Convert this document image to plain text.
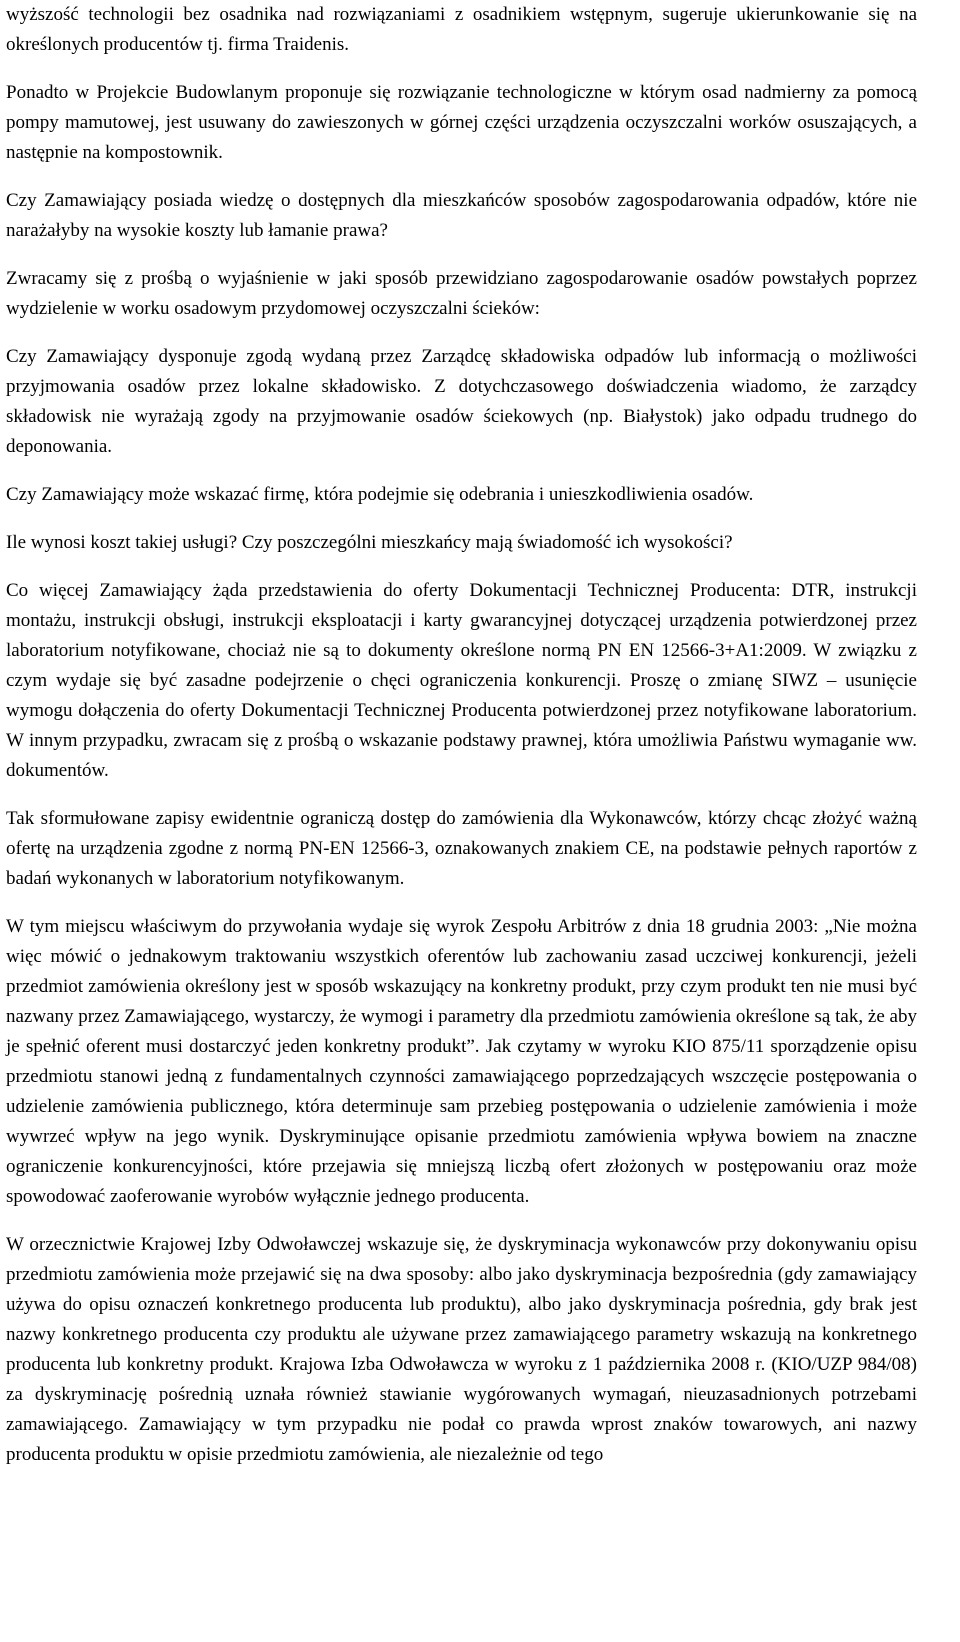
wyższość technologii bez osadnika nad rozwiązaniami z osadnikiem wstępnym, sugeruje ukierunkowanie się na określonych producentów tj. firma Traidenis.

Ponadto w Projekcie Budowlanym proponuje się rozwiązanie technologiczne w którym osad nadmierny za pomocą pompy mamutowej, jest usuwany do zawieszonych w górnej części urządzenia oczyszczalni worków osuszających, a następnie na kompostownik.

Czy Zamawiający posiada wiedzę o dostępnych dla mieszkańców sposobów zagospodarowania odpadów, które nie narażałyby na wysokie koszty lub łamanie prawa?

Zwracamy się z prośbą o wyjaśnienie w jaki sposób przewidziano zagospodarowanie osadów powstałych poprzez wydzielenie w worku osadowym przydomowej oczyszczalni ścieków:

Czy Zamawiający dysponuje zgodą wydaną przez Zarządcę składowiska odpadów lub informacją o możliwości przyjmowania osadów przez lokalne składowisko. Z dotychczasowego doświadczenia wiadomo, że zarządcy składowisk nie wyrażają zgody na przyjmowanie osadów ściekowych (np. Białystok) jako odpadu trudnego do deponowania.

Czy Zamawiający może wskazać firmę, która podejmie się odebrania i unieszkodliwienia osadów.

Ile wynosi koszt takiej usługi? Czy poszczególni mieszkańcy mają świadomość ich wysokości?

Co więcej Zamawiający żąda przedstawienia do oferty Dokumentacji Technicznej Producenta: DTR, instrukcji montażu, instrukcji obsługi, instrukcji eksploatacji i karty gwarancyjnej dotyczącej urządzenia potwierdzonej przez laboratorium notyfikowane, chociaż nie są to dokumenty określone normą PN EN 12566-3+A1:2009. W związku z czym wydaje się być zasadne podejrzenie o chęci ograniczenia konkurencji. Proszę o zmianę SIWZ – usunięcie wymogu dołączenia do oferty Dokumentacji Technicznej Producenta potwierdzonej przez notyfikowane laboratorium. W innym przypadku, zwracam się z prośbą o wskazanie podstawy prawnej, która umożliwia Państwu wymaganie ww. dokumentów.

Tak sformułowane zapisy ewidentnie ograniczą dostęp do zamówienia dla Wykonawców, którzy chcąc złożyć ważną ofertę na urządzenia zgodne z normą PN-EN 12566-3, oznakowanych znakiem CE, na podstawie pełnych raportów z badań wykonanych w laboratorium notyfikowanym.

W tym miejscu właściwym do przywołania wydaje się wyrok Zespołu Arbitrów z dnia 18 grudnia 2003: „Nie można więc mówić o jednakowym traktowaniu wszystkich oferentów lub zachowaniu zasad uczciwej konkurencji, jeżeli przedmiot zamówienia określony jest w sposób wskazujący na konkretny produkt, przy czym produkt ten nie musi być nazwany przez Zamawiającego, wystarczy, że wymogi i parametry dla przedmiotu zamówienia określone są tak, że aby je spełnić oferent musi dostarczyć jeden konkretny produkt”. Jak czytamy w wyroku KIO 875/11 sporządzenie opisu przedmiotu stanowi jedną z fundamentalnych czynności zamawiającego poprzedzających wszczęcie postępowania o udzielenie zamówienia publicznego, która determinuje sam przebieg postępowania o udzielenie zamówienia i może wywrzeć wpływ na jego wynik. Dyskryminujące opisanie przedmiotu zamówienia wpływa bowiem na znaczne ograniczenie konkurencyjności, które przejawia się mniejszą liczbą ofert złożonych w postępowaniu oraz może spowodować zaoferowanie wyrobów wyłącznie jednego producenta.

W orzecznictwie Krajowej Izby Odwoławczej wskazuje się, że dyskryminacja wykonawców przy dokonywaniu opisu przedmiotu zamówienia może przejawić się na dwa sposoby: albo jako dyskryminacja bezpośrednia (gdy zamawiający używa do opisu oznaczeń konkretnego producenta lub produktu), albo jako dyskryminacja pośrednia, gdy brak jest nazwy konkretnego producenta czy produktu ale używane przez zamawiającego parametry wskazują na konkretnego producenta lub konkretny produkt. Krajowa Izba Odwoławcza w wyroku z 1 października 2008 r. (KIO/UZP 984/08) za dyskryminację pośrednią uznała również stawianie wygórowanych wymagań, nieuzasadnionych potrzebami zamawiającego. Zamawiający w tym przypadku nie podał co prawda wprost znaków towarowych, ani nazwy producenta produktu w opisie przedmiotu zamówienia, ale niezależnie od tego
